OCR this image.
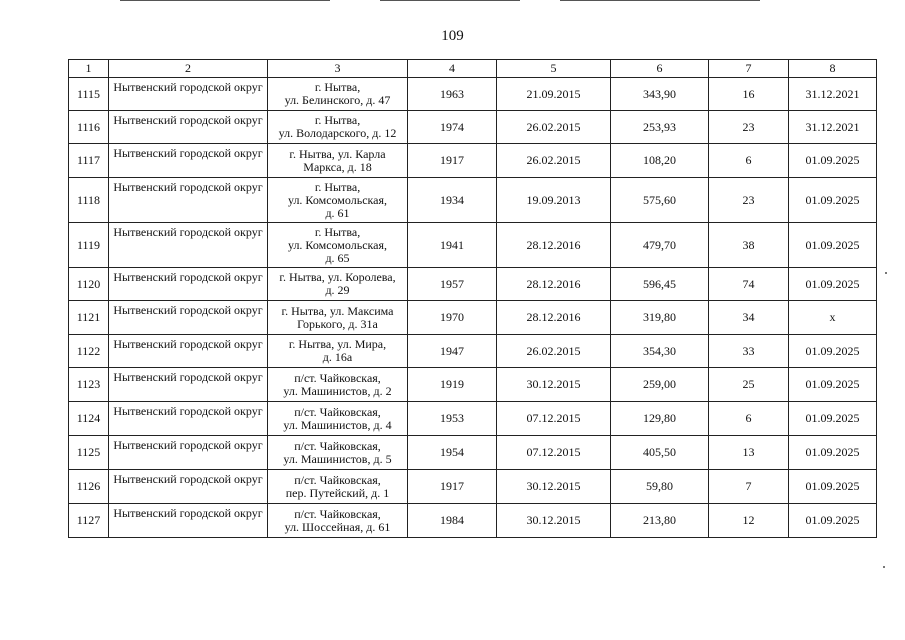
109
1	2	3	4	5	6	7	8
1115	Нытвенский городской округ	г. Нытва,
ул. Белинского, д. 47	1963	21.09.2015	343,90	16	31.12.2021
1116	Нытвенский городской округ	г. Нытва,
ул. Володарского, д. 12	1974	26.02.2015	253,93	23	31.12.2021
1117	Нытвенский городской округ	г. Нытва, ул. Карла
Маркса, д. 18	1917	26.02.2015	108,20	6	01.09.2025
1118	Нытвенский городской округ	г. Нытва,
ул. Комсомольская,
д. 61	1934	19.09.2013	575,60	23	01.09.2025
1119	Нытвенский городской округ	г. Нытва,
ул. Комсомольская,
д. 65	1941	28.12.2016	479,70	38	01.09.2025
1120	Нытвенский городской округ	г. Нытва, ул. Королева,
д. 29	1957	28.12.2016	596,45	74	01.09.2025
1121	Нытвенский городской округ	г. Нытва, ул. Максима
Горького, д. 31а	1970	28.12.2016	319,80	34	x
1122	Нытвенский городской округ	г. Нытва, ул. Мира,
д. 16а	1947	26.02.2015	354,30	33	01.09.2025
1123	Нытвенский городской округ	п/ст. Чайковская,
ул. Машинистов, д. 2	1919	30.12.2015	259,00	25	01.09.2025
1124	Нытвенский городской округ	п/ст. Чайковская,
ул. Машинистов, д. 4	1953	07.12.2015	129,80	6	01.09.2025
1125	Нытвенский городской округ	п/ст. Чайковская,
ул. Машинистов, д. 5	1954	07.12.2015	405,50	13	01.09.2025
1126	Нытвенский городской округ	п/ст. Чайковская,
пер. Путейский, д. 1	1917	30.12.2015	59,80	7	01.09.2025
1127	Нытвенский городской округ	п/ст. Чайковская,
ул. Шоссейная, д. 61	1984	30.12.2015	213,80	12	01.09.2025
